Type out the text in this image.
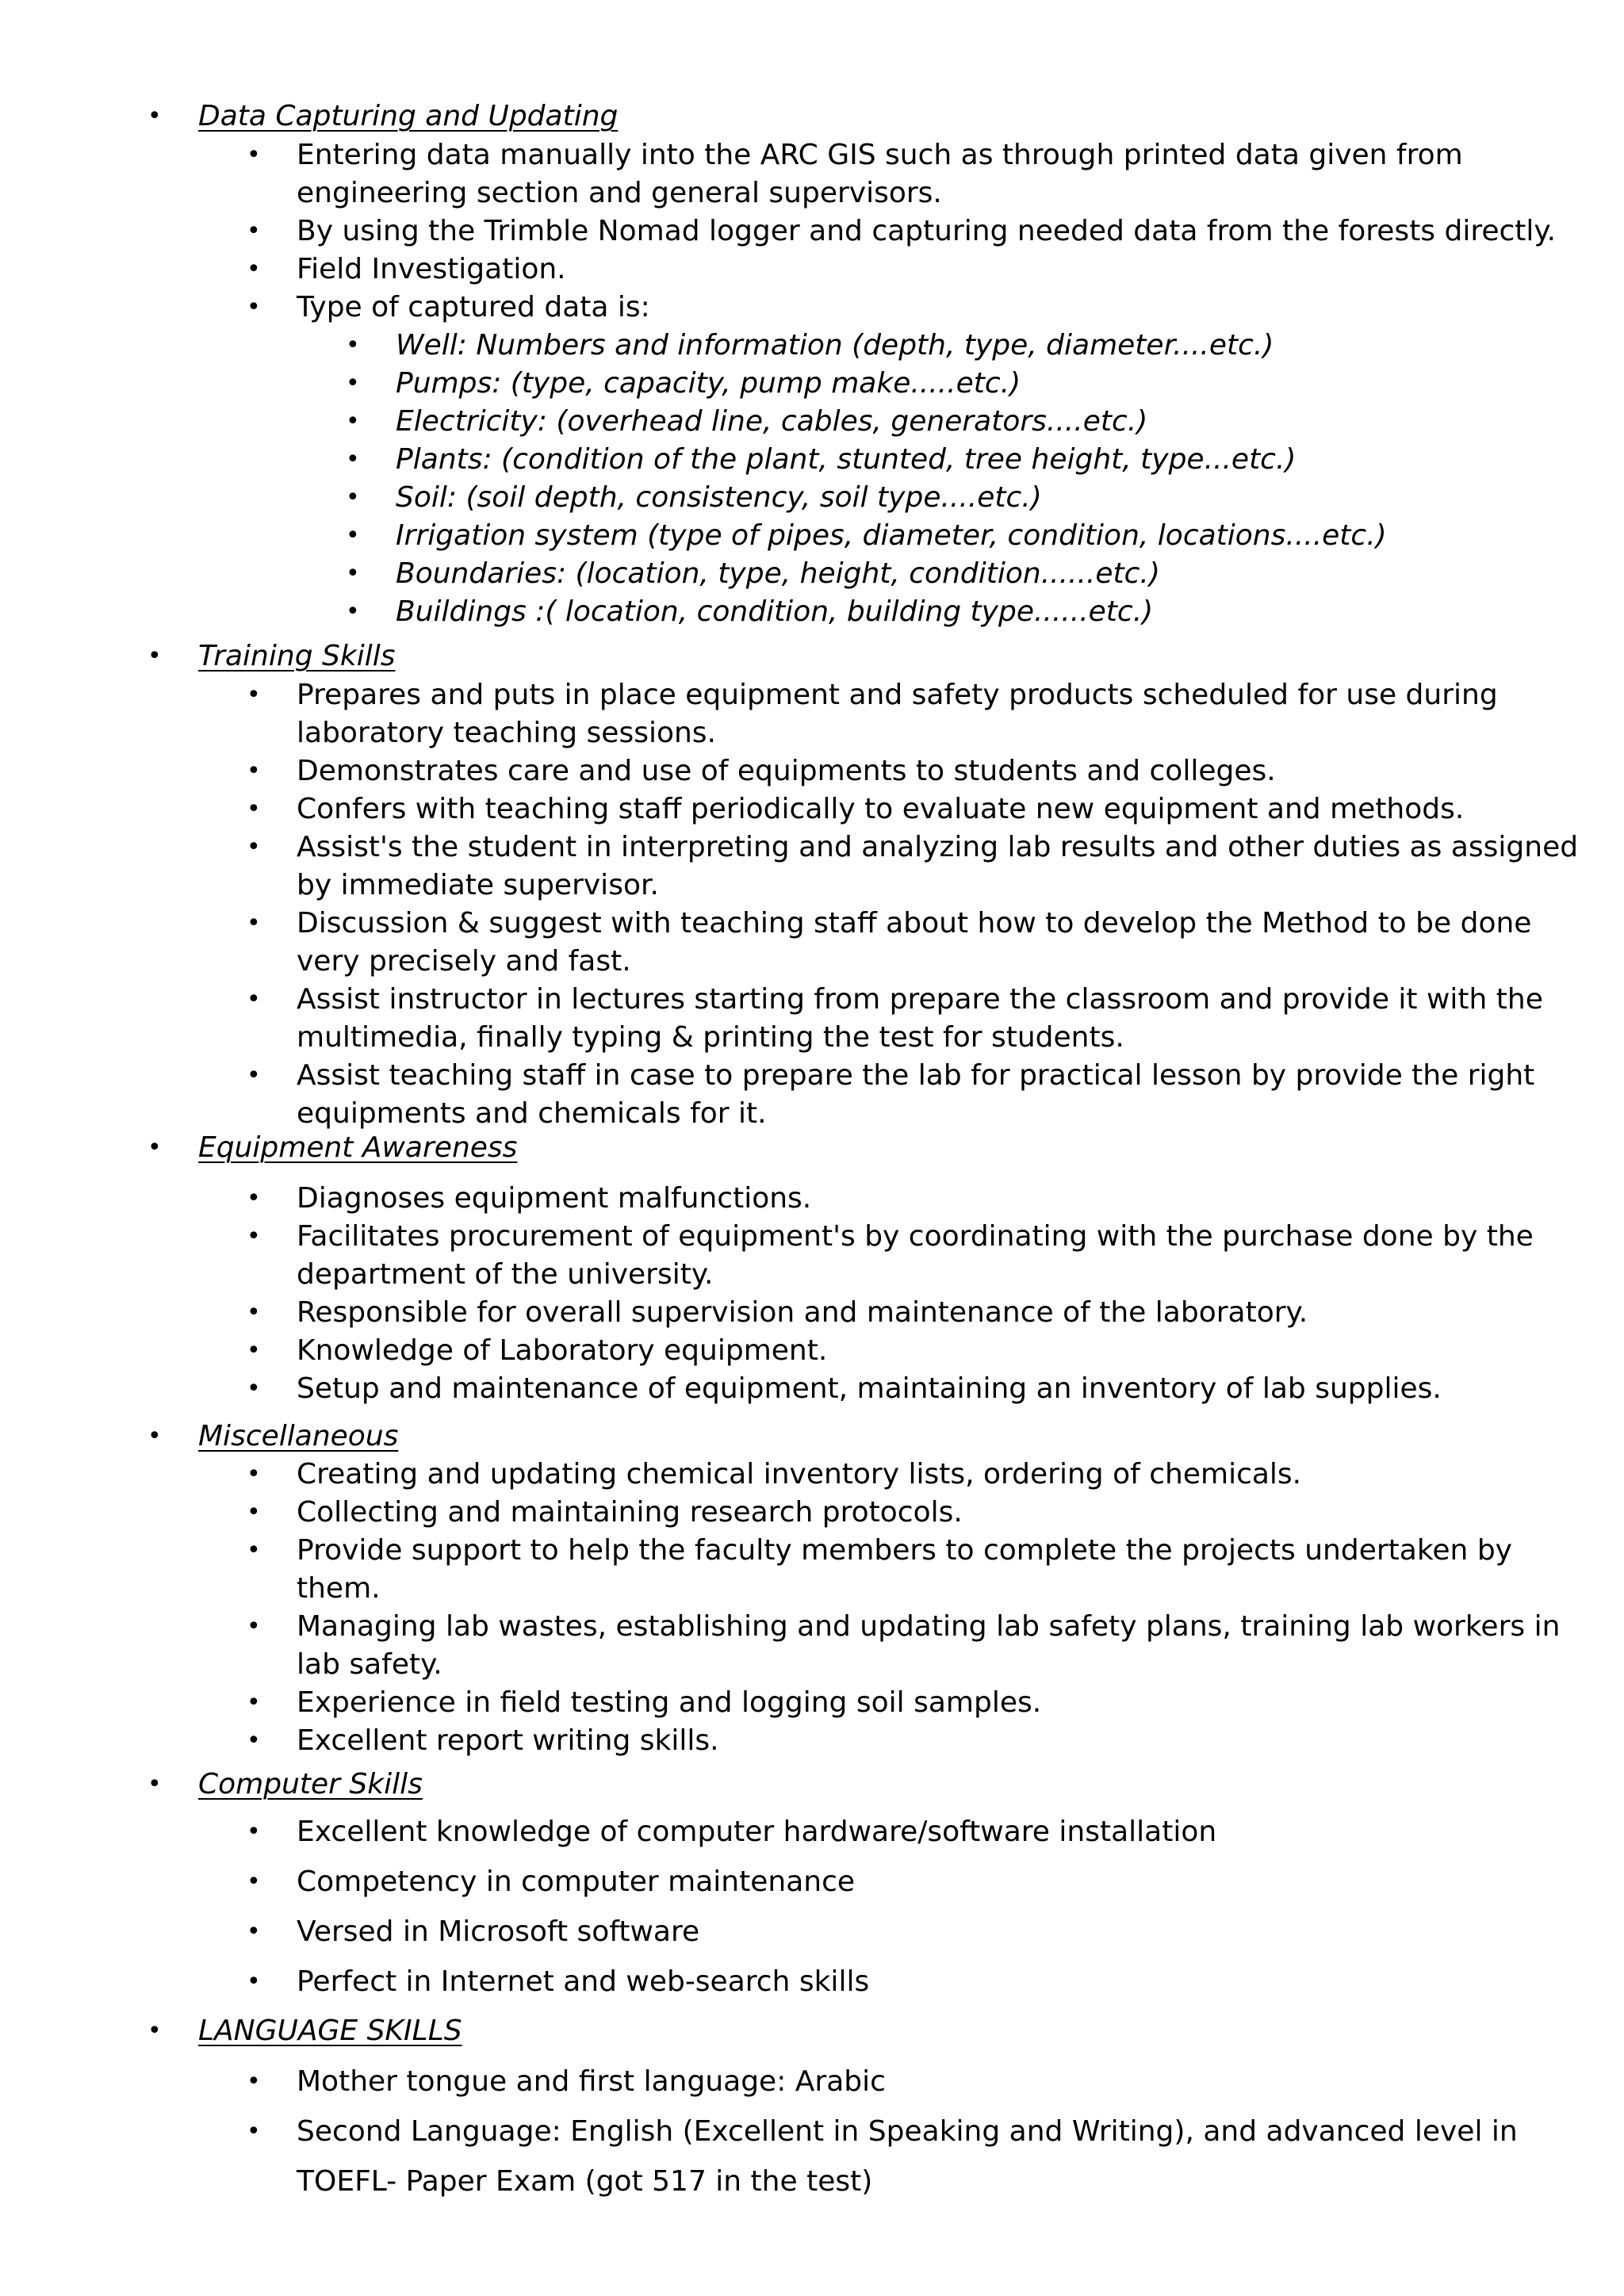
• Data Capturing and Updating
• Entering data manually into the ARC GIS such as through printed data given from
engineering section and general supervisors.
• By using the Trimble Nomad logger and capturing needed data from the forests directly.
• Field Investigation.
• Type of captured data is:
• Well: Numbers and information (depth, type, diameter....etc.)
• Pumps: (type, capacity, pump make.....etc.)
• Electricity: (overhead line, cables, generators....etc.)
• Plants: (condition of the plant, stunted, tree height, type...etc.)
• Soil: (soil depth, consistency, soil type....etc.)
• Irrigation system (type of pipes, diameter, condition, locations....etc.)
• Boundaries: (location, type, height, condition......etc.)
• Buildings :( location, condition, building type......etc.)
• Training Skills
• Prepares and puts in place equipment and safety products scheduled for use during
laboratory teaching sessions.
• Demonstrates care and use of equipments to students and colleges.
• Confers with teaching staff periodically to evaluate new equipment and methods.
• Assist's the student in interpreting and analyzing lab results and other duties as assigned
by immediate supervisor.
• Discussion & suggest with teaching staff about how to develop the Method to be done
very precisely and fast.
• Assist instructor in lectures starting from prepare the classroom and provide it with the
multimedia, finally typing & printing the test for students.
• Assist teaching staff in case to prepare the lab for practical lesson by provide the right
equipments and chemicals for it.
• Equipment Awareness
• Diagnoses equipment malfunctions.
• Facilitates procurement of equipment's by coordinating with the purchase done by the
department of the university.
• Responsible for overall supervision and maintenance of the laboratory.
• Knowledge of Laboratory equipment.
• Setup and maintenance of equipment, maintaining an inventory of lab supplies.
• Miscellaneous
• Creating and updating chemical inventory lists, ordering of chemicals.
• Collecting and maintaining research protocols.
• Provide support to help the faculty members to complete the projects undertaken by
them.
• Managing lab wastes, establishing and updating lab safety plans, training lab workers in
lab safety.
• Experience in field testing and logging soil samples.
• Excellent report writing skills.
• Computer Skills
• Excellent knowledge of computer hardware/software installation
• Competency in computer maintenance
• Versed in Microsoft software
• Perfect in Internet and web-search skills
• LANGUAGE SKILLS
• Mother tongue and first language: Arabic
• Second Language: English (Excellent in Speaking and Writing), and advanced level in
TOEFL- Paper Exam (got 517 in the test)
